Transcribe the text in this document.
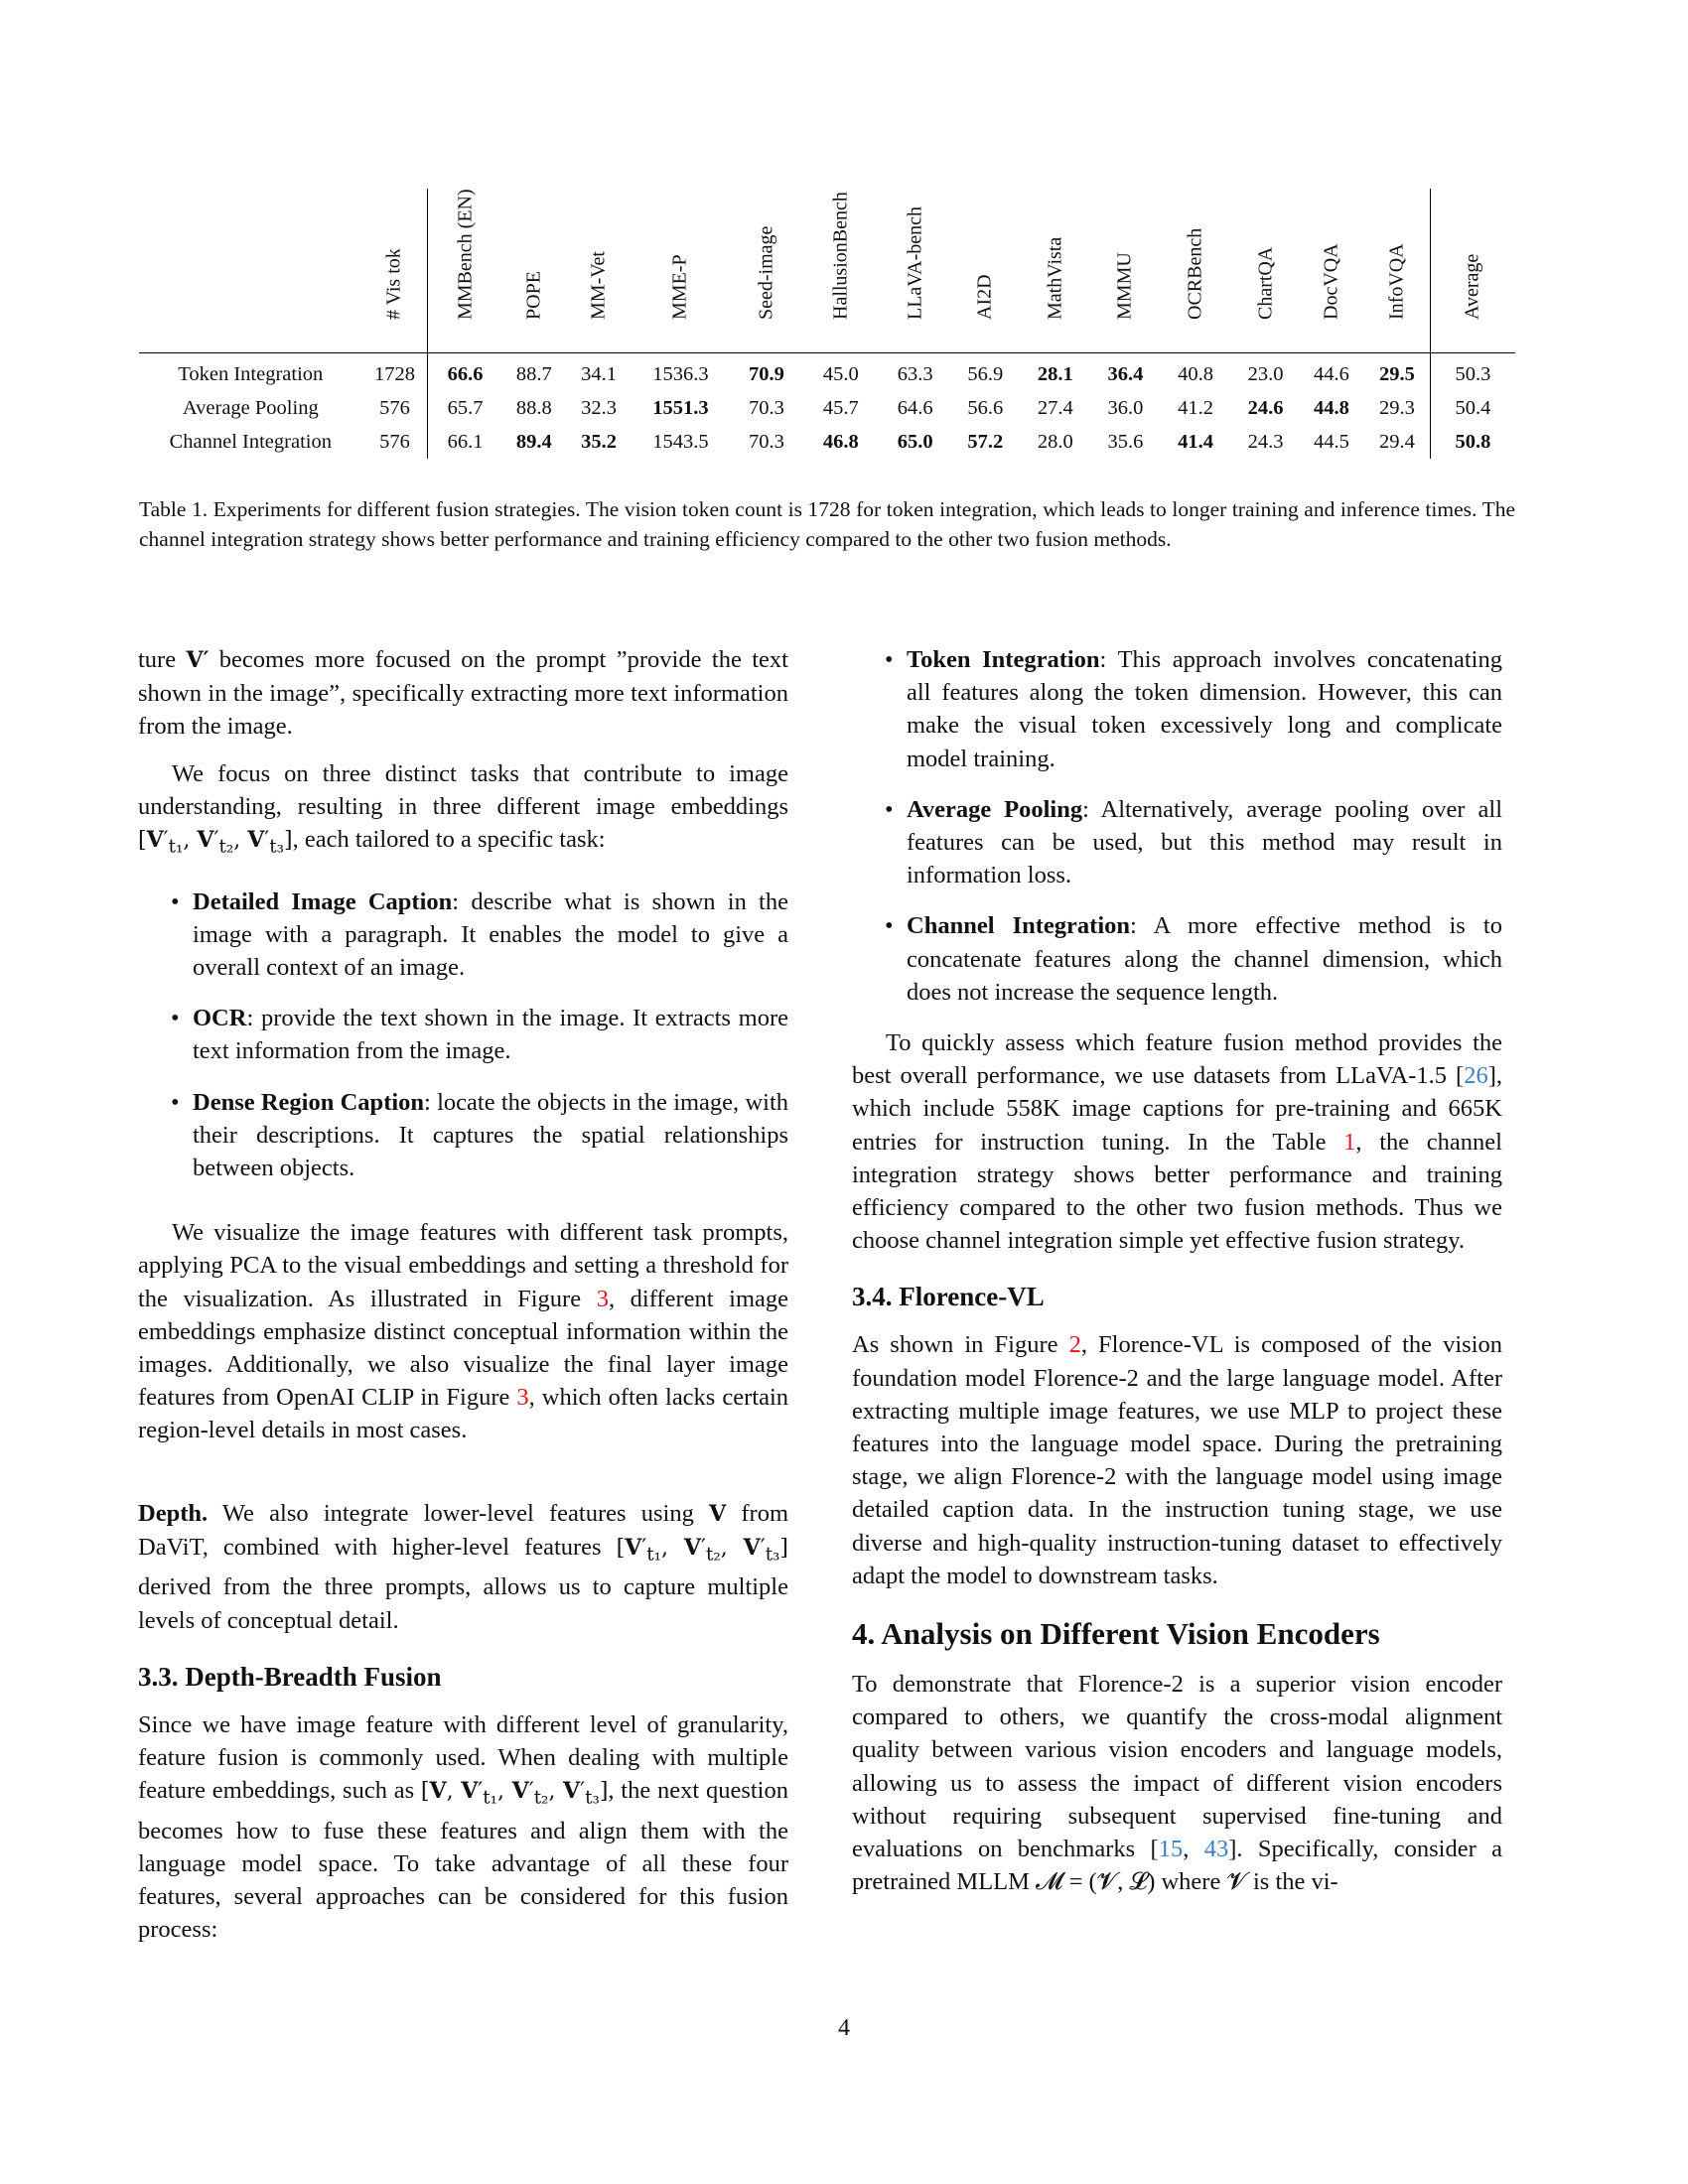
	# Vis tok	MMBench (EN)	POPE	MM-Vet	MME-P	Seed-image	HallusionBench	LLaVA-bench	AI2D	MathVista	MMMU	OCRBench	ChartQA	DocVQA	InfoVQA	Average

Token Integration	1728	66.6	88.7	34.1	1536.3	70.9	45.0	63.3	56.9	28.1	36.4	40.8	23.0	44.6	29.5	50.3
Average Pooling	576	65.7	88.8	32.3	1551.3	70.3	45.7	64.6	56.6	27.4	36.0	41.2	24.6	44.8	29.3	50.4
Channel Integration	576	66.1	89.4	35.2	1543.5	70.3	46.8	65.0	57.2	28.0	35.6	41.4	24.3	44.5	29.4	50.8
Table 1. Experiments for different fusion strategies. The vision token count is 1728 for token integration, which leads to longer training and inference times. The channel integration strategy shows better performance and training efficiency compared to the other two fusion methods.

ture V′ becomes more focused on the prompt ”provide the text shown in the image”, specifically extracting more text information from the image.

We focus on three distinct tasks that contribute to image understanding, resulting in three different image embeddings [$V'_{t_1}$, $V'_{t_2}$, $V'_{t_3}$], each tailored to a specific task:

• Detailed Image Caption: describe what is shown in the image with a paragraph. It enables the model to give a overall context of an image.
• OCR: provide the text shown in the image. It extracts more text information from the image.
• Dense Region Caption: locate the objects in the image, with their descriptions. It captures the spatial relationships between objects.

We visualize the image features with different task prompts, applying PCA to the visual embeddings and setting a threshold for the visualization. As illustrated in Figure 3, different image embeddings emphasize distinct conceptual information within the images. Additionally, we also visualize the final layer image features from OpenAI CLIP in Figure 3, which often lacks certain region-level details in most cases.

Depth. We also integrate lower-level features using V from DaViT, combined with higher-level features [$V'_{t_1}$, $V'_{t_2}$, $V'_{t_3}$] derived from the three prompts, allows us to capture multiple levels of conceptual detail.

3.3. Depth-Breadth Fusion

Since we have image feature with different level of granularity, feature fusion is commonly used. When dealing with multiple feature embeddings, such as [V, $V'_{t_1}$, $V'_{t_2}$, $V'_{t_3}$], the next question becomes how to fuse these features and align them with the language model space. To take advantage of all these four features, several approaches can be considered for this fusion process:

• Token Integration: This approach involves concatenating all features along the token dimension. However, this can make the visual token excessively long and complicate model training.
• Average Pooling: Alternatively, average pooling over all features can be used, but this method may result in information loss.
• Channel Integration: A more effective method is to concatenate features along the channel dimension, which does not increase the sequence length.

To quickly assess which feature fusion method provides the best overall performance, we use datasets from LLaVA-1.5 [26], which include 558K image captions for pre-training and 665K entries for instruction tuning. In the Table 1, the channel integration strategy shows better performance and training efficiency compared to the other two fusion methods. Thus we choose channel integration simple yet effective fusion strategy.

3.4. Florence-VL

As shown in Figure 2, Florence-VL is composed of the vision foundation model Florence-2 and the large language model. After extracting multiple image features, we use MLP to project these features into the language model space. During the pretraining stage, we align Florence-2 with the language model using image detailed caption data. In the instruction tuning stage, we use diverse and high-quality instruction-tuning dataset to effectively adapt the model to downstream tasks.

4. Analysis on Different Vision Encoders

To demonstrate that Florence-2 is a superior vision encoder compared to others, we quantify the cross-modal alignment quality between various vision encoders and language models, allowing us to assess the impact of different vision encoders without requiring subsequent supervised fine-tuning and evaluations on benchmarks [15, 43]. Specifically, consider a pretrained MLLM 𝓜 = (𝓥, 𝓛) where 𝓥 is the vi-

4
